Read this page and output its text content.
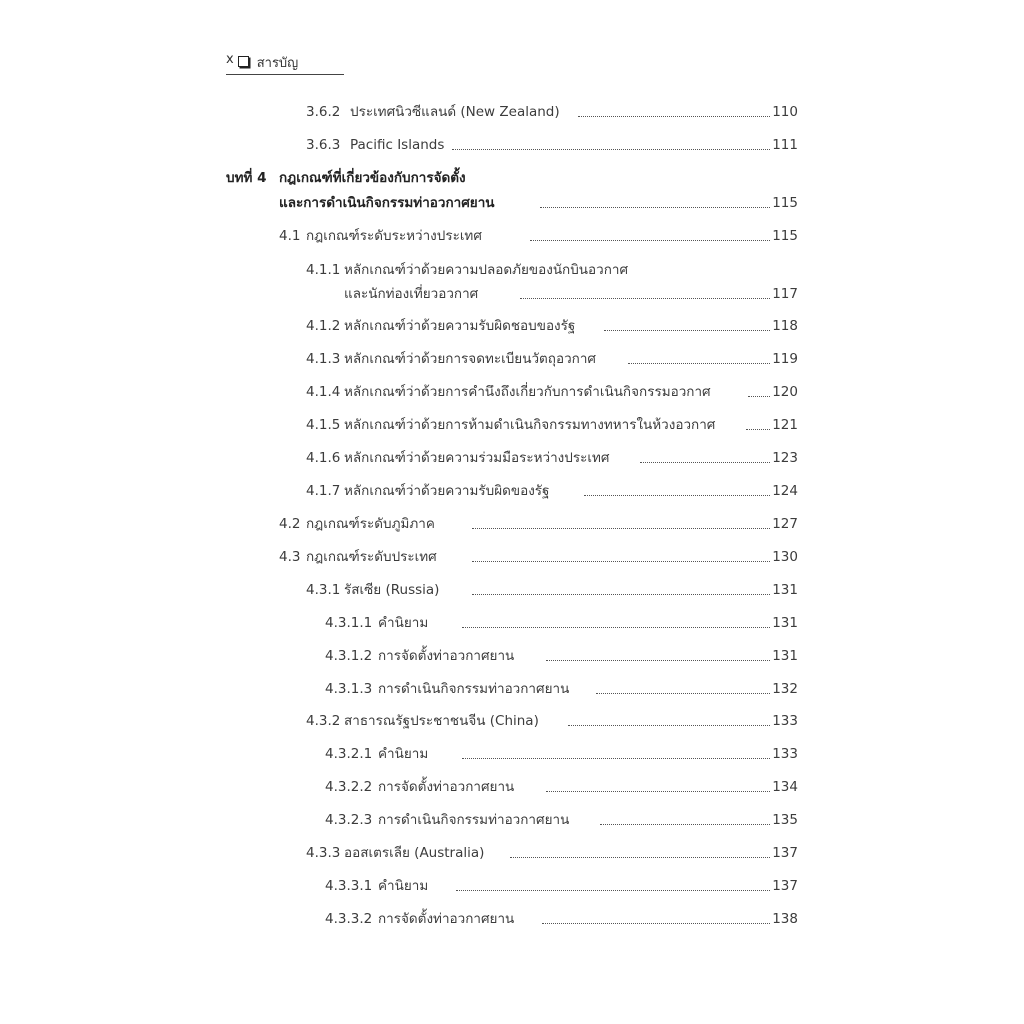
x สารบัญ
3.6.2 ประเทศนิวซีแลนด์ (New Zealand)	110
3.6.3 Pacific Islands	111
บทที่ 4 กฎเกณฑ์ที่เกี่ยวข้องกับการจัดตั้ง
และการดำเนินกิจกรรมท่าอวกาศยาน	115
4.1 กฎเกณฑ์ระดับระหว่างประเทศ	115
4.1.1 หลักเกณฑ์ว่าด้วยความปลอดภัยของนักบินอวกาศ
และนักท่องเที่ยวอวกาศ	117
4.1.2 หลักเกณฑ์ว่าด้วยความรับผิดชอบของรัฐ	118
4.1.3 หลักเกณฑ์ว่าด้วยการจดทะเบียนวัตถุอวกาศ	119
4.1.4 หลักเกณฑ์ว่าด้วยการคำนึงถึงเกี่ยวกับการดำเนินกิจกรรมอวกาศ	120
4.1.5 หลักเกณฑ์ว่าด้วยการห้ามดำเนินกิจกรรมทางทหารในห้วงอวกาศ	121
4.1.6 หลักเกณฑ์ว่าด้วยความร่วมมือระหว่างประเทศ	123
4.1.7 หลักเกณฑ์ว่าด้วยความรับผิดของรัฐ	124
4.2 กฎเกณฑ์ระดับภูมิภาค	127
4.3 กฎเกณฑ์ระดับประเทศ	130
4.3.1 รัสเซีย (Russia)	131
4.3.1.1 คำนิยาม	131
4.3.1.2 การจัดตั้งท่าอวกาศยาน	131
4.3.1.3 การดำเนินกิจกรรมท่าอวกาศยาน	132
4.3.2 สาธารณรัฐประชาชนจีน (China)	133
4.3.2.1 คำนิยาม	133
4.3.2.2 การจัดตั้งท่าอวกาศยาน	134
4.3.2.3 การดำเนินกิจกรรมท่าอวกาศยาน	135
4.3.3 ออสเตรเลีย (Australia)	137
4.3.3.1 คำนิยาม	137
4.3.3.2 การจัดตั้งท่าอวกาศยาน	138
